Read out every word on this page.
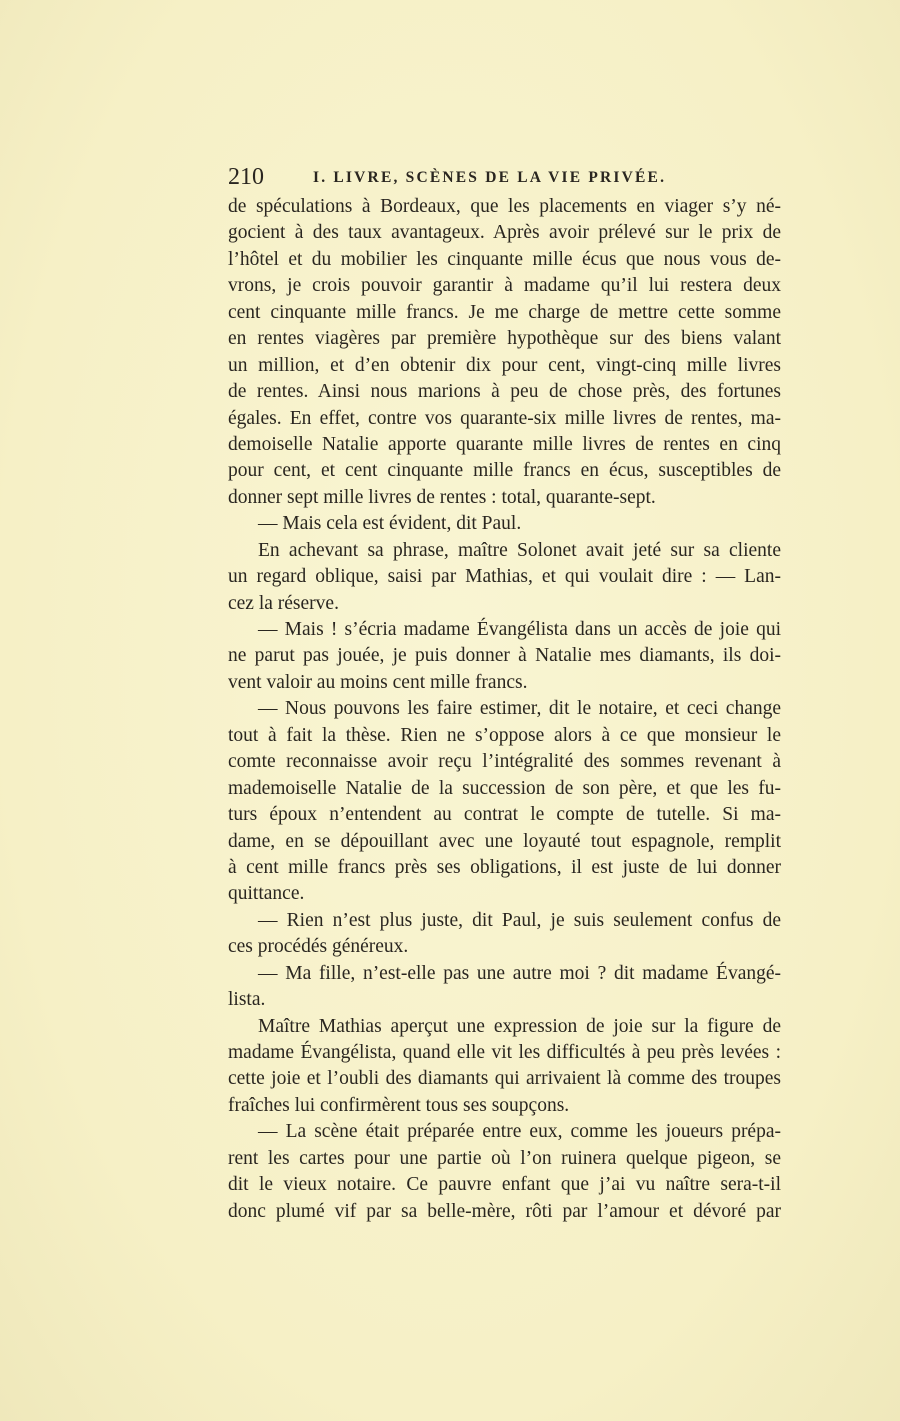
210	I. LIVRE, SCÈNES DE LA VIE PRIVÉE.
de spéculations à Bordeaux, que les placements en viager s’y né-
gocient à des taux avantageux. Après avoir prélevé sur le prix de
l’hôtel et du mobilier les cinquante mille écus que nous vous de-
vrons, je crois pouvoir garantir à madame qu’il lui restera deux
cent cinquante mille francs. Je me charge de mettre cette somme
en rentes viagères par première hypothèque sur des biens valant
un million, et d’en obtenir dix pour cent, vingt-cinq mille livres
de rentes. Ainsi nous marions à peu de chose près, des fortunes
égales. En effet, contre vos quarante-six mille livres de rentes, ma-
demoiselle Natalie apporte quarante mille livres de rentes en cinq
pour cent, et cent cinquante mille francs en écus, susceptibles de
donner sept mille livres de rentes : total, quarante-sept.
— Mais cela est évident, dit Paul.
En achevant sa phrase, maître Solonet avait jeté sur sa cliente
un regard oblique, saisi par Mathias, et qui voulait dire : — Lan-
cez la réserve.
— Mais ! s’écria madame Évangélista dans un accès de joie qui
ne parut pas jouée, je puis donner à Natalie mes diamants, ils doi-
vent valoir au moins cent mille francs.
— Nous pouvons les faire estimer, dit le notaire, et ceci change
tout à fait la thèse. Rien ne s’oppose alors à ce que monsieur le
comte reconnaisse avoir reçu l’intégralité des sommes revenant à
mademoiselle Natalie de la succession de son père, et que les fu-
turs époux n’entendent au contrat le compte de tutelle. Si ma-
dame, en se dépouillant avec une loyauté tout espagnole, remplit
à cent mille francs près ses obligations, il est juste de lui donner
quittance.
— Rien n’est plus juste, dit Paul, je suis seulement confus de
ces procédés généreux.
— Ma fille, n’est-elle pas une autre moi ? dit madame Évangé-
lista.
Maître Mathias aperçut une expression de joie sur la figure de
madame Évangélista, quand elle vit les difficultés à peu près levées :
cette joie et l’oubli des diamants qui arrivaient là comme des troupes
fraîches lui confirmèrent tous ses soupçons.
— La scène était préparée entre eux, comme les joueurs prépa-
rent les cartes pour une partie où l’on ruinera quelque pigeon, se
dit le vieux notaire. Ce pauvre enfant que j’ai vu naître sera-t-il
donc plumé vif par sa belle-mère, rôti par l’amour et dévoré par
